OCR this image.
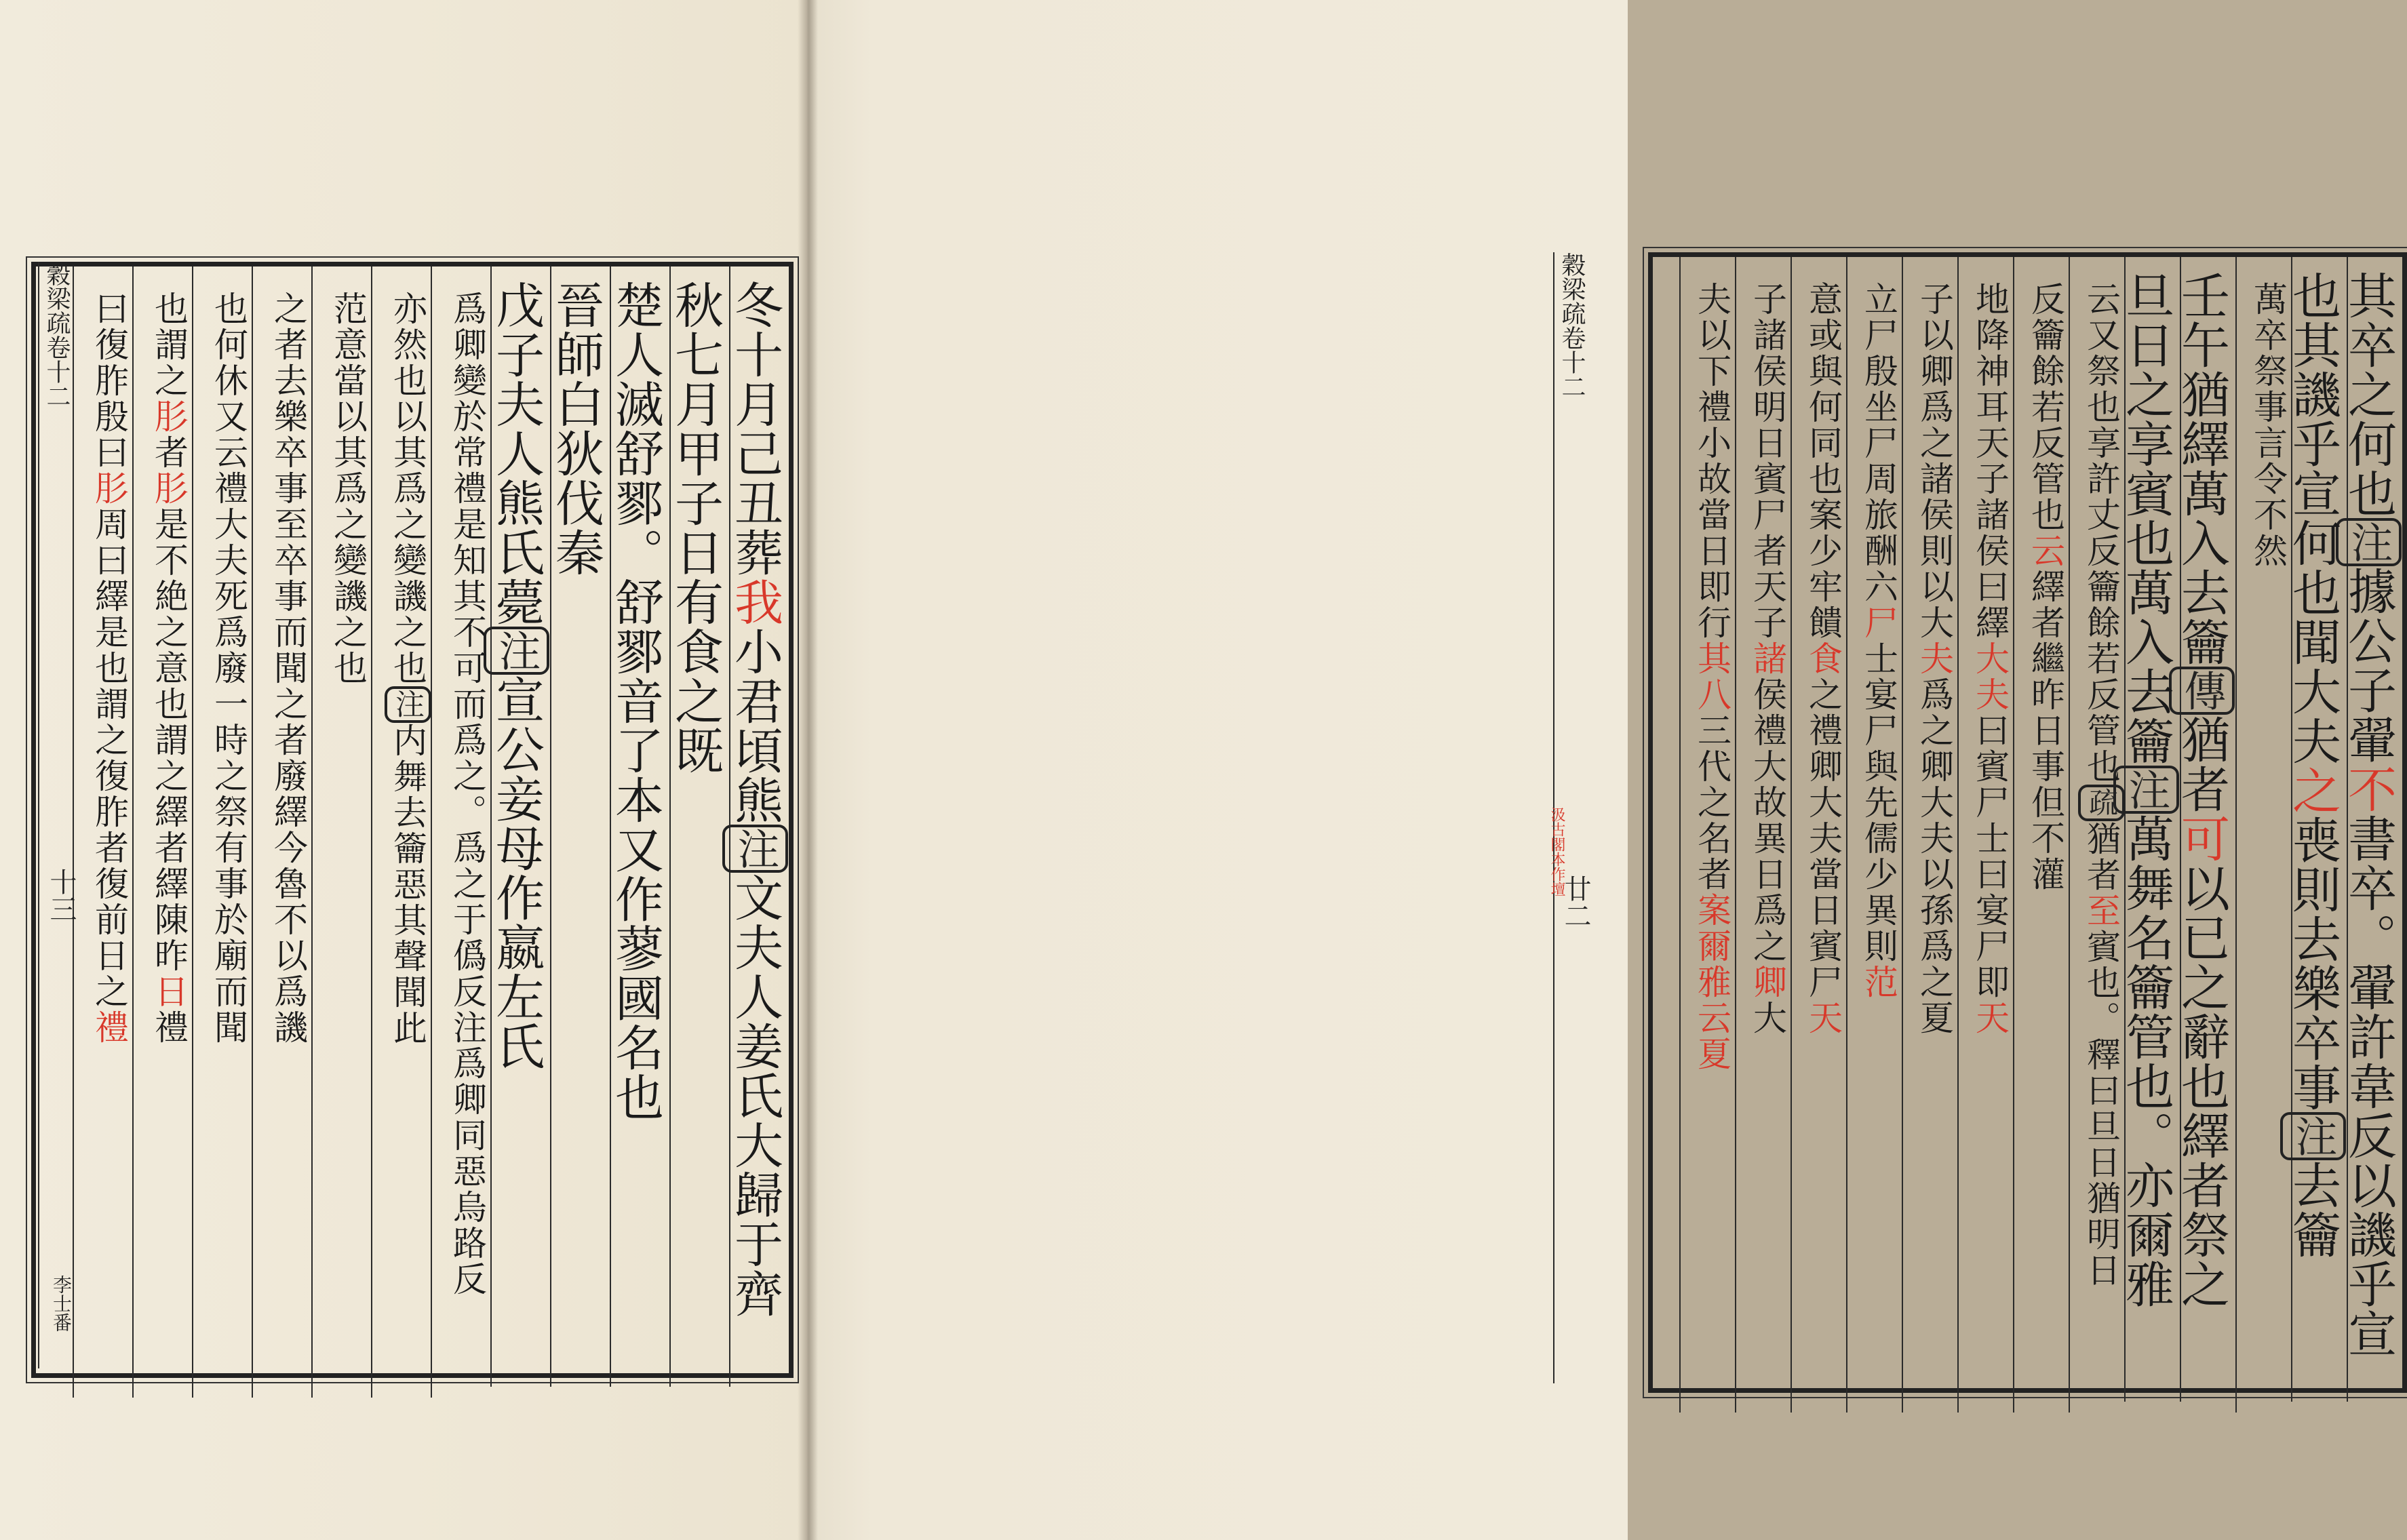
冬十月己丑葬我小君頃熊注文夫人姜氏大歸于齊
秋七月甲子日有食之既
楚人滅舒鄝。舒鄝音了本又作蓼國名也
晉師白狄伐秦
戊子夫人熊氏薨注宣公妾母作嬴左氏
爲卿變於常禮是知其不可而爲之。爲之于僞反注爲卿同惡烏路反
亦然也以其爲之變譏之也注内舞去籥惡其聲聞此
范意當以其爲之變譏之也
之者去樂卒事至卒事而聞之者廢繹今魯不以爲譏
也何休又云禮大夫死爲廢一時之祭有事於廟而聞
也謂之肜者肜是不絶之意也謂之繹者繹陳昨日禮
曰復胙殷曰肜周曰繹是也謂之復胙者復前日之禮
穀梁疏卷十二
十三
李士番
其卒之何也注據公子翬不書卒。翬許韋反以譏乎宣
也其譏乎宣何也聞大夫之喪則去樂卒事注去籥
萬卒祭事言令不然
壬午猶繹萬入去籥傳猶者可以已之辭也繹者祭之
旦日之享賓也萬入去籥注萬舞名籥管也。亦爾雅
云又祭也享許丈反籥餘若反管也疏猶者至賓也。釋曰旦日猶明日
反籥餘若反管也云繹者繼昨日事但不灌
地降神耳天子諸侯曰繹大夫曰賓尸士曰宴尸即天
子以卿爲之諸侯則以大夫爲之卿大夫以孫爲之夏
立尸殷坐尸周旅酬六尸士宴尸與先儒少異則范
意或與何同也案少牢饋食之禮卿大夫當日賓尸天
子諸侯明日賓尸者天子諸侯禮大故異日爲之卿大
夫以下禮小故當日即行其八三代之名者案爾雅云夏
穀梁疏卷十二
廿二
汲古閣本作壇
